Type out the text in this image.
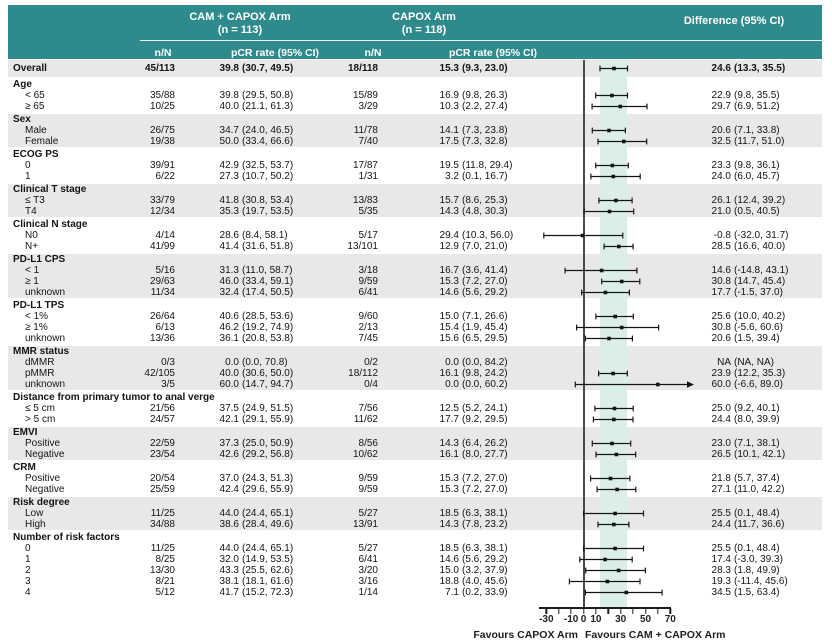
CAM + CAPOX Arm
(n = 113)
CAPOX Arm
(n = 118)
Difference (95% CI)
n/N	pCR rate (95% CI)	n/N	pCR rate (95% CI)
Overall	45/113	39.8 (30.7, 49.5)	18/118	15.3 (9.3, 23.0)	24.6 (13.3, 35.5)
Age
< 65	35/88	39.8 (29.5, 50.8)	15/89	16.9 (9.8, 26.3)	22.9 (9.8, 35.5)
≥ 65	10/25	40.0 (21.1, 61.3)	3/29	10.3 (2.2, 27.4)	29.7 (6.9, 51.2)
Sex
Male	26/75	34.7 (24.0, 46.5)	11/78	14.1 (7.3, 23.8)	20.6 (7.1, 33.8)
Female	19/38	50.0 (33.4, 66.6)	7/40	17.5 (7.3, 32.8)	32.5 (11.7, 51.0)
ECOG PS
0	39/91	42.9 (32.5, 53.7)	17/87	19.5 (11.8, 29.4)	23.3 (9.8, 36.1)
1	6/22	27.3 (10.7, 50.2)	1/31	3.2 (0.1, 16.7)	24.0 (6.0, 45.7)
Clinical T stage
≤ T3	33/79	41.8 (30.8, 53.4)	13/83	15.7 (8.6, 25.3)	26.1 (12.4, 39.2)
T4	12/34	35.3 (19.7, 53.5)	5/35	14.3 (4.8, 30.3)	21.0 (0.5, 40.5)
Clinical N stage
N0	4/14	28.6 (8.4, 58.1)	5/17	29.4 (10.3, 56.0)	-0.8 (-32.0, 31.7)
N+	41/99	41.4 (31.6, 51.8)	13/101	12.9 (7.0, 21.0)	28.5 (16.6, 40.0)
PD-L1 CPS
< 1	5/16	31.3 (11.0, 58.7)	3/18	16.7 (3.6, 41.4)	14.6 (-14.8, 43.1)
≥ 1	29/63	46.0 (33.4, 59.1)	9/59	15.3 (7.2, 27.0)	30.8 (14.7, 45.4)
unknown	11/34	32.4 (17.4, 50.5)	6/41	14.6 (5.6, 29.2)	17.7 (-1.5, 37.0)
PD-L1 TPS
< 1%	26/64	40.6 (28.5, 53.6)	9/60	15.0 (7.1, 26.6)	25.6 (10.0, 40.2)
≥ 1%	6/13	46.2 (19.2, 74.9)	2/13	15.4 (1.9, 45.4)	30.8 (-5.6, 60.6)
unknown	13/36	36.1 (20.8, 53.8)	7/45	15.6 (6.5, 29.5)	20.6 (1.5, 39.4)
MMR status
dMMR	0/3	0.0 (0.0, 70.8)	0/2	0.0 (0.0, 84.2)	NA (NA, NA)
pMMR	42/105	40.0 (30.6, 50.0)	18/112	16.1 (9.8, 24.2)	23.9 (12.2, 35.3)
unknown	3/5	60.0 (14.7, 94.7)	0/4	0.0 (0.0, 60.2)	60.0 (-6.6, 89.0)
Distance from primary tumor to anal verge
≤ 5 cm	21/56	37.5 (24.9, 51.5)	7/56	12.5 (5.2, 24.1)	25.0 (9.2, 40.1)
> 5 cm	24/57	42.1 (29.1, 55.9)	11/62	17.7 (9.2, 29.5)	24.4 (8.0, 39.9)
EMVI
Positive	22/59	37.3 (25.0, 50.9)	8/56	14.3 (6.4, 26.2)	23.0 (7.1, 38.1)
Negative	23/54	42.6 (29.2, 56.8)	10/62	16.1 (8.0, 27.7)	26.5 (10.1, 42.1)
CRM
Positive	20/54	37.0 (24.3, 51.3)	9/59	15.3 (7.2, 27.0)	21.8 (5.7, 37.4)
Negative	25/59	42.4 (29.6, 55.9)	9/59	15.3 (7.2, 27.0)	27.1 (11.0, 42.2)
Risk degree
Low	11/25	44.0 (24.4, 65.1)	5/27	18.5 (6.3, 38.1)	25.5 (0.1, 48.4)
High	34/88	38.6 (28.4, 49.6)	13/91	14.3 (7.8, 23.2)	24.4 (11.7, 36.6)
Number of risk factors
0	11/25	44.0 (24.4, 65.1)	5/27	18.5 (6.3, 38.1)	25.5 (0.1, 48.4)
1	8/25	32.0 (14.9, 53.5)	6/41	14.6 (5.6, 29.2)	17.4 (-3.0, 39.3)
2	13/30	43.3 (25.5, 62.6)	3/20	15.0 (3.2, 37.9)	28.3 (1.8, 49.9)
3	8/21	38.1 (18.1, 61.6)	3/16	18.8 (4.0, 45.6)	19.3 (-11.4, 45.6)
4	5/12	41.7 (15.2, 72.3)	1/14	7.1 (0.2, 33.9)	34.5 (1.5, 63.4)
Favours CAPOX Arm Favours CAM + CAPOX Arm
-30 -10 0 10 30 50 70
